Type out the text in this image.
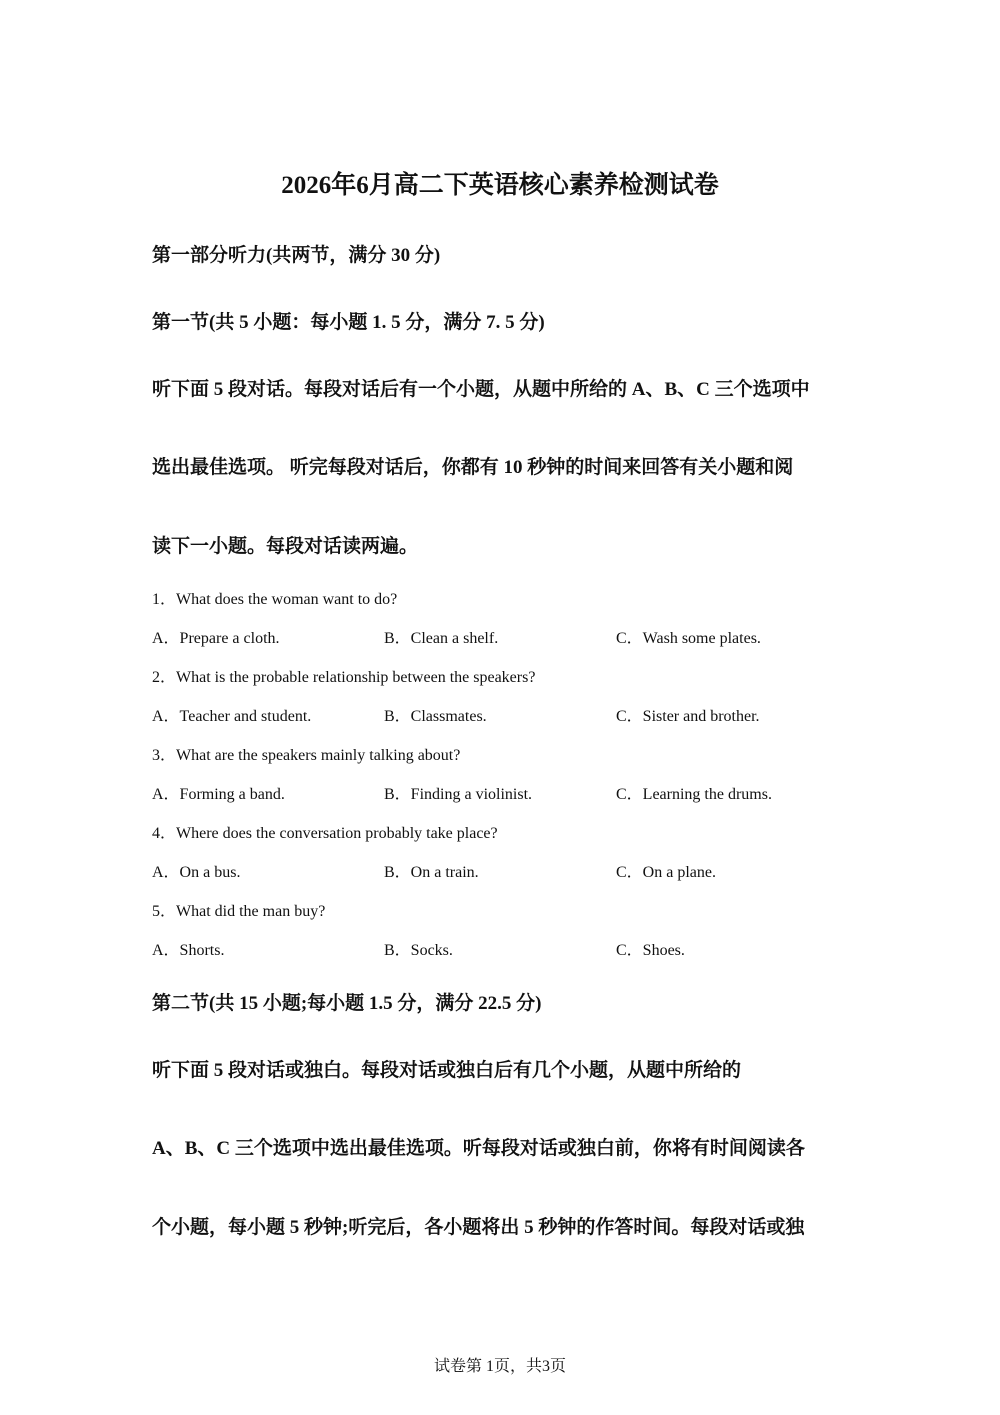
2026年6月高二下英语核心素养检测试卷
第一部分听力(共两节，满分 30 分)
第一节(共 5 小题：每小题 1. 5 分，满分 7. 5 分)
听下面 5 段对话。每段对话后有一个小题，从题中所给的 A、B、C 三个选项中
选出最佳选项。 听完每段对话后，你都有 10 秒钟的时间来回答有关小题和阅
读下一小题。每段对话读两遍。
1．What does the woman want to do?
A．Prepare a cloth.	B．Clean a shelf.	C．Wash some plates.
2．What is the probable relationship between the speakers?
A．Teacher and student.	B．Classmates.	C．Sister and brother.
3．What are the speakers mainly talking about?
A．Forming a band.	B．Finding a violinist.	C．Learning the drums.
4．Where does the conversation probably take place?
A．On a bus.	B．On a train.	C．On a plane.
5．What did the man buy?
A．Shorts.	B．Socks.	C．Shoes.
第二节(共 15 小题;每小题 1.5 分，满分 22.5 分)
听下面 5 段对话或独白。每段对话或独白后有几个小题，从题中所给的
A、B、C 三个选项中选出最佳选项。听每段对话或独白前，你将有时间阅读各
个小题，每小题 5 秒钟;听完后，各小题将出 5 秒钟的作答时间。每段对话或独
试卷第 1页，共3页
